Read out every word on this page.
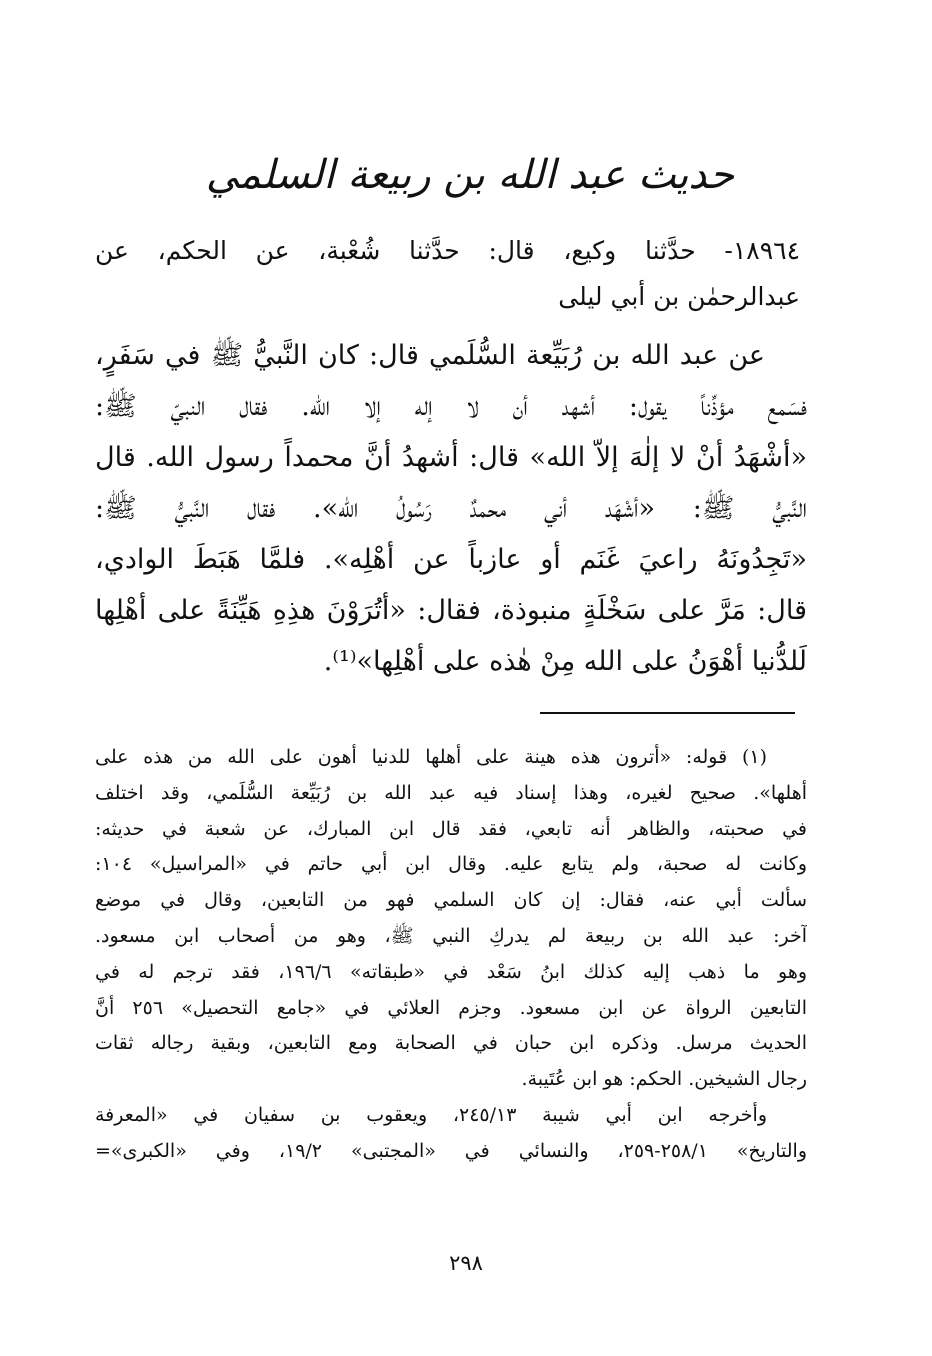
حديث عبد الله بن ربيعة السلمي

١٨٩٦٤- حدَّثنا وكيع، قال: حدَّثنا شُعْبة، عن الحكم، عن

عبدالرحمٰن بن أبي ليلى

عن عبد الله بن رُبَيِّعة السُّلَمي قال: كان النَّبيُّ ﷺ في سَفَرٍ،

فسَمع مؤذِّناً يقول: أشهد أن لا إله إلا الله. فقال النبيّ ﷺ:

«أشْهَدُ أنْ لا إلٰهَ إلاّ الله» قال: أشهدُ أنَّ محمداً رسول الله. قال

النَّبيُّ ﷺ: «أشْهَد أني محمدٌ رَسُولُ الله». فقال النَّبيُّ ﷺ:

«تَجِدُونَهُ راعيَ غَنَم أو عازباً عن أهْلِه». فلمَّا هَبَطَ الوادي،

قال: مَرَّ على سَخْلَةٍ منبوذة، فقال: «أتُرَوْنَ هذِهِ هَيِّنَةً على أهْلِها

لَلدُّنيا أهْوَنُ على الله مِنْ هٰذه على أهْلِها»⁽¹⁾.

(١) قوله: «أترون هذه هينة على أهلها للدنيا أهون على الله من هذه على

أهلها». صحيح لغيره، وهذا إسناد فيه عبد الله بن رُبَيِّعة السُّلَمي، وقد اختلف

في صحبته، والظاهر أنه تابعي، فقد قال ابن المبارك، عن شعبة في حديثه:

وكانت له صحبة، ولم يتابع عليه. وقال ابن أبي حاتم في «المراسيل» ١٠٤:

سألت أبي عنه، فقال: إن كان السلمي فهو من التابعين، وقال في موضع

آخر: عبد الله بن ربيعة لم يدركِ النبي ﷺ، وهو من أصحاب ابن مسعود.

وهو ما ذهب إليه كذلك ابنُ سَعْد في «طبقاته» ١٩٦/٦، فقد ترجم له في

التابعين الرواة عن ابن مسعود. وجزم العلائي في «جامع التحصيل» ٢٥٦ أنَّ

الحديث مرسل. وذكره ابن حبان في الصحابة ومع التابعين، وبقية رجاله ثقات

رجال الشيخين. الحكم: هو ابن عُتَيبة.

وأخرجه ابن أبي شيبة ٢٤٥/١٣، ويعقوب بن سفيان في «المعرفة

والتاريخ» ٢٥٨/١-٢٥٩، والنسائي في «المجتبى» ١٩/٢، وفي «الكبرى»=

٢٩٨
